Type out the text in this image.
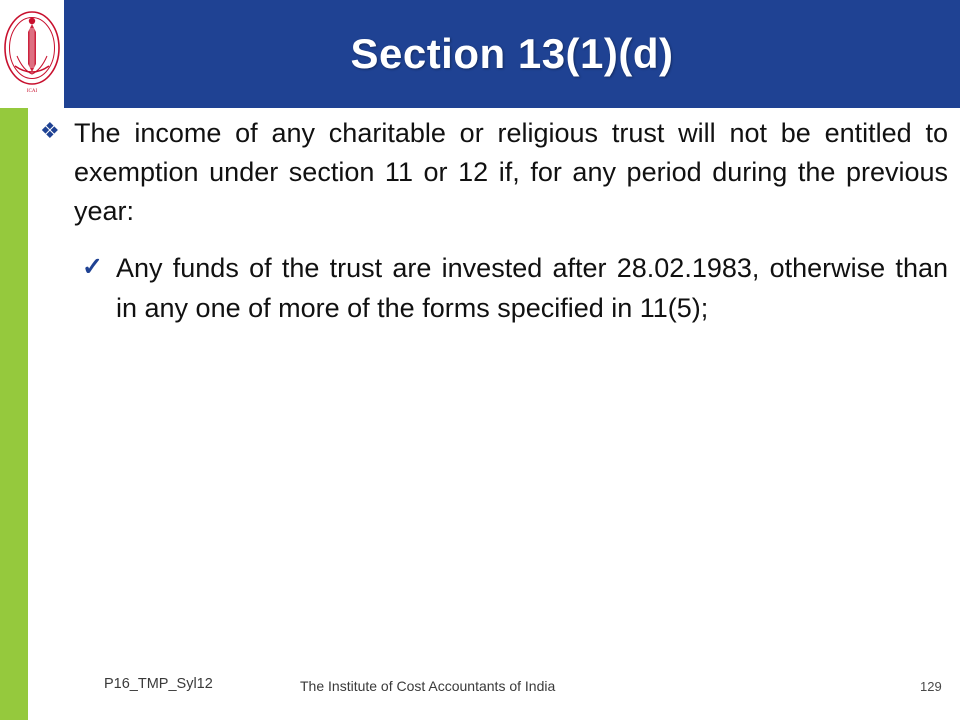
ICAI
Section 13(1)(d)

❖ The income of any charitable or religious trust will not be entitled to exemption under section 11 or 12 if, for any period during the previous year:

✓ Any funds of the trust are invested after 28.02.1983, otherwise than in any one of more of the forms specified in 11(5);

P16_TMP_Syl12	The Institute of Cost Accountants of India	129
